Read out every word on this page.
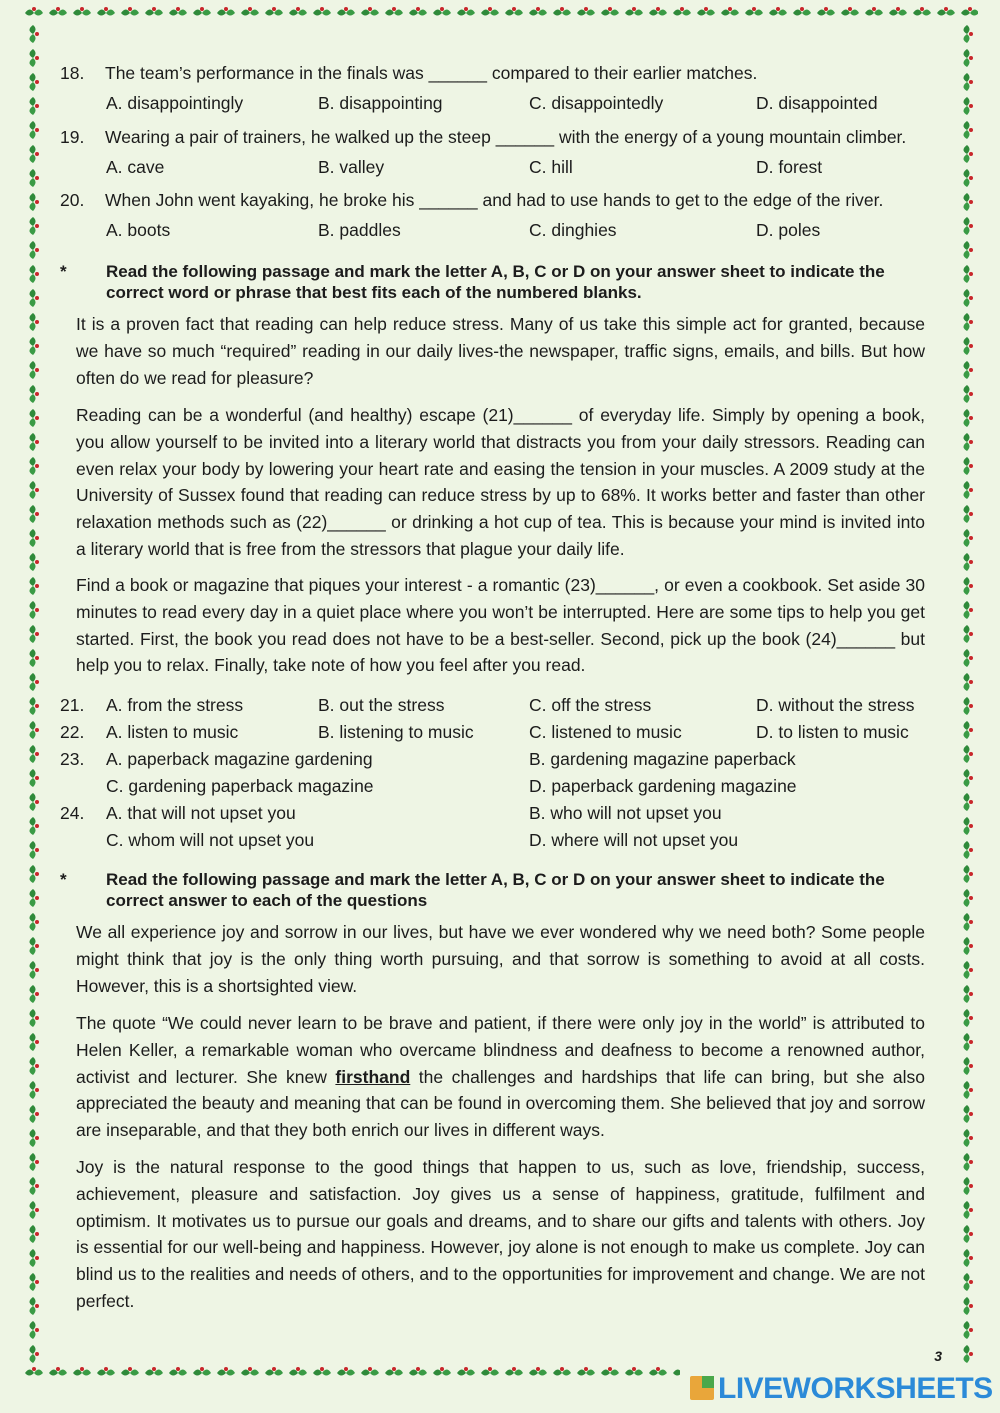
18. The team’s performance in the finals was ______ compared to their earlier matches.
A. disappointingly	B. disappointing	C. disappointedly	D. disappointed
19. Wearing a pair of trainers, he walked up the steep ______ with the energy of a young mountain climber.
A. cave	B. valley	C. hill	D. forest
20. When John went kayaking, he broke his ______ and had to use hands to get to the edge of the river.
A. boots	B. paddles	C. dinghies	D. poles
* Read the following passage and mark the letter A, B, C or D on your answer sheet to indicate the correct word or phrase that best fits each of the numbered blanks.

It is a proven fact that reading can help reduce stress. Many of us take this simple act for granted, because we have so much “required” reading in our daily lives-the newspaper, traffic signs, emails, and bills. But how often do we read for pleasure?

Reading can be a wonderful (and healthy) escape (21)______ of everyday life. Simply by opening a book, you allow yourself to be invited into a literary world that distracts you from your daily stressors. Reading can even relax your body by lowering your heart rate and easing the tension in your muscles. A 2009 study at the University of Sussex found that reading can reduce stress by up to 68%. It works better and faster than other relaxation methods such as (22)______ or drinking a hot cup of tea. This is because your mind is invited into a literary world that is free from the stressors that plague your daily life.

Find a book or magazine that piques your interest - a romantic (23)______, or even a cookbook. Set aside 30 minutes to read every day in a quiet place where you won’t be interrupted. Here are some tips to help you get started. First, the book you read does not have to be a best-seller. Second, pick up the book (24)______ but help you to relax. Finally, take note of how you feel after you read.

21. A. from the stress	B. out the stress	C. off the stress	D. without the stress
22. A. listen to music	B. listening to music	C. listened to music	D. to listen to music
23. A. paperback magazine gardening	B. gardening magazine paperback
C. gardening paperback magazine	D. paperback gardening magazine
24. A. that will not upset you	B. who will not upset you
C. whom will not upset you	D. where will not upset you
* Read the following passage and mark the letter A, B, C or D on your answer sheet to indicate the correct answer to each of the questions

We all experience joy and sorrow in our lives, but have we ever wondered why we need both? Some people might think that joy is the only thing worth pursuing, and that sorrow is something to avoid at all costs. However, this is a shortsighted view.

The quote “We could never learn to be brave and patient, if there were only joy in the world” is attributed to Helen Keller, a remarkable woman who overcame blindness and deafness to become a renowned author, activist and lecturer. She knew firsthand the challenges and hardships that life can bring, but she also appreciated the beauty and meaning that can be found in overcoming them. She believed that joy and sorrow are inseparable, and that they both enrich our lives in different ways.

Joy is the natural response to the good things that happen to us, such as love, friendship, success, achievement, pleasure and satisfaction. Joy gives us a sense of happiness, gratitude, fulfilment and optimism. It motivates us to pursue our goals and dreams, and to share our gifts and talents with others. Joy is essential for our well-being and happiness. However, joy alone is not enough to make us complete. Joy can blind us to the realities and needs of others, and to the opportunities for improvement and change. We are not perfect.

3
LIVEWORKSHEETS
